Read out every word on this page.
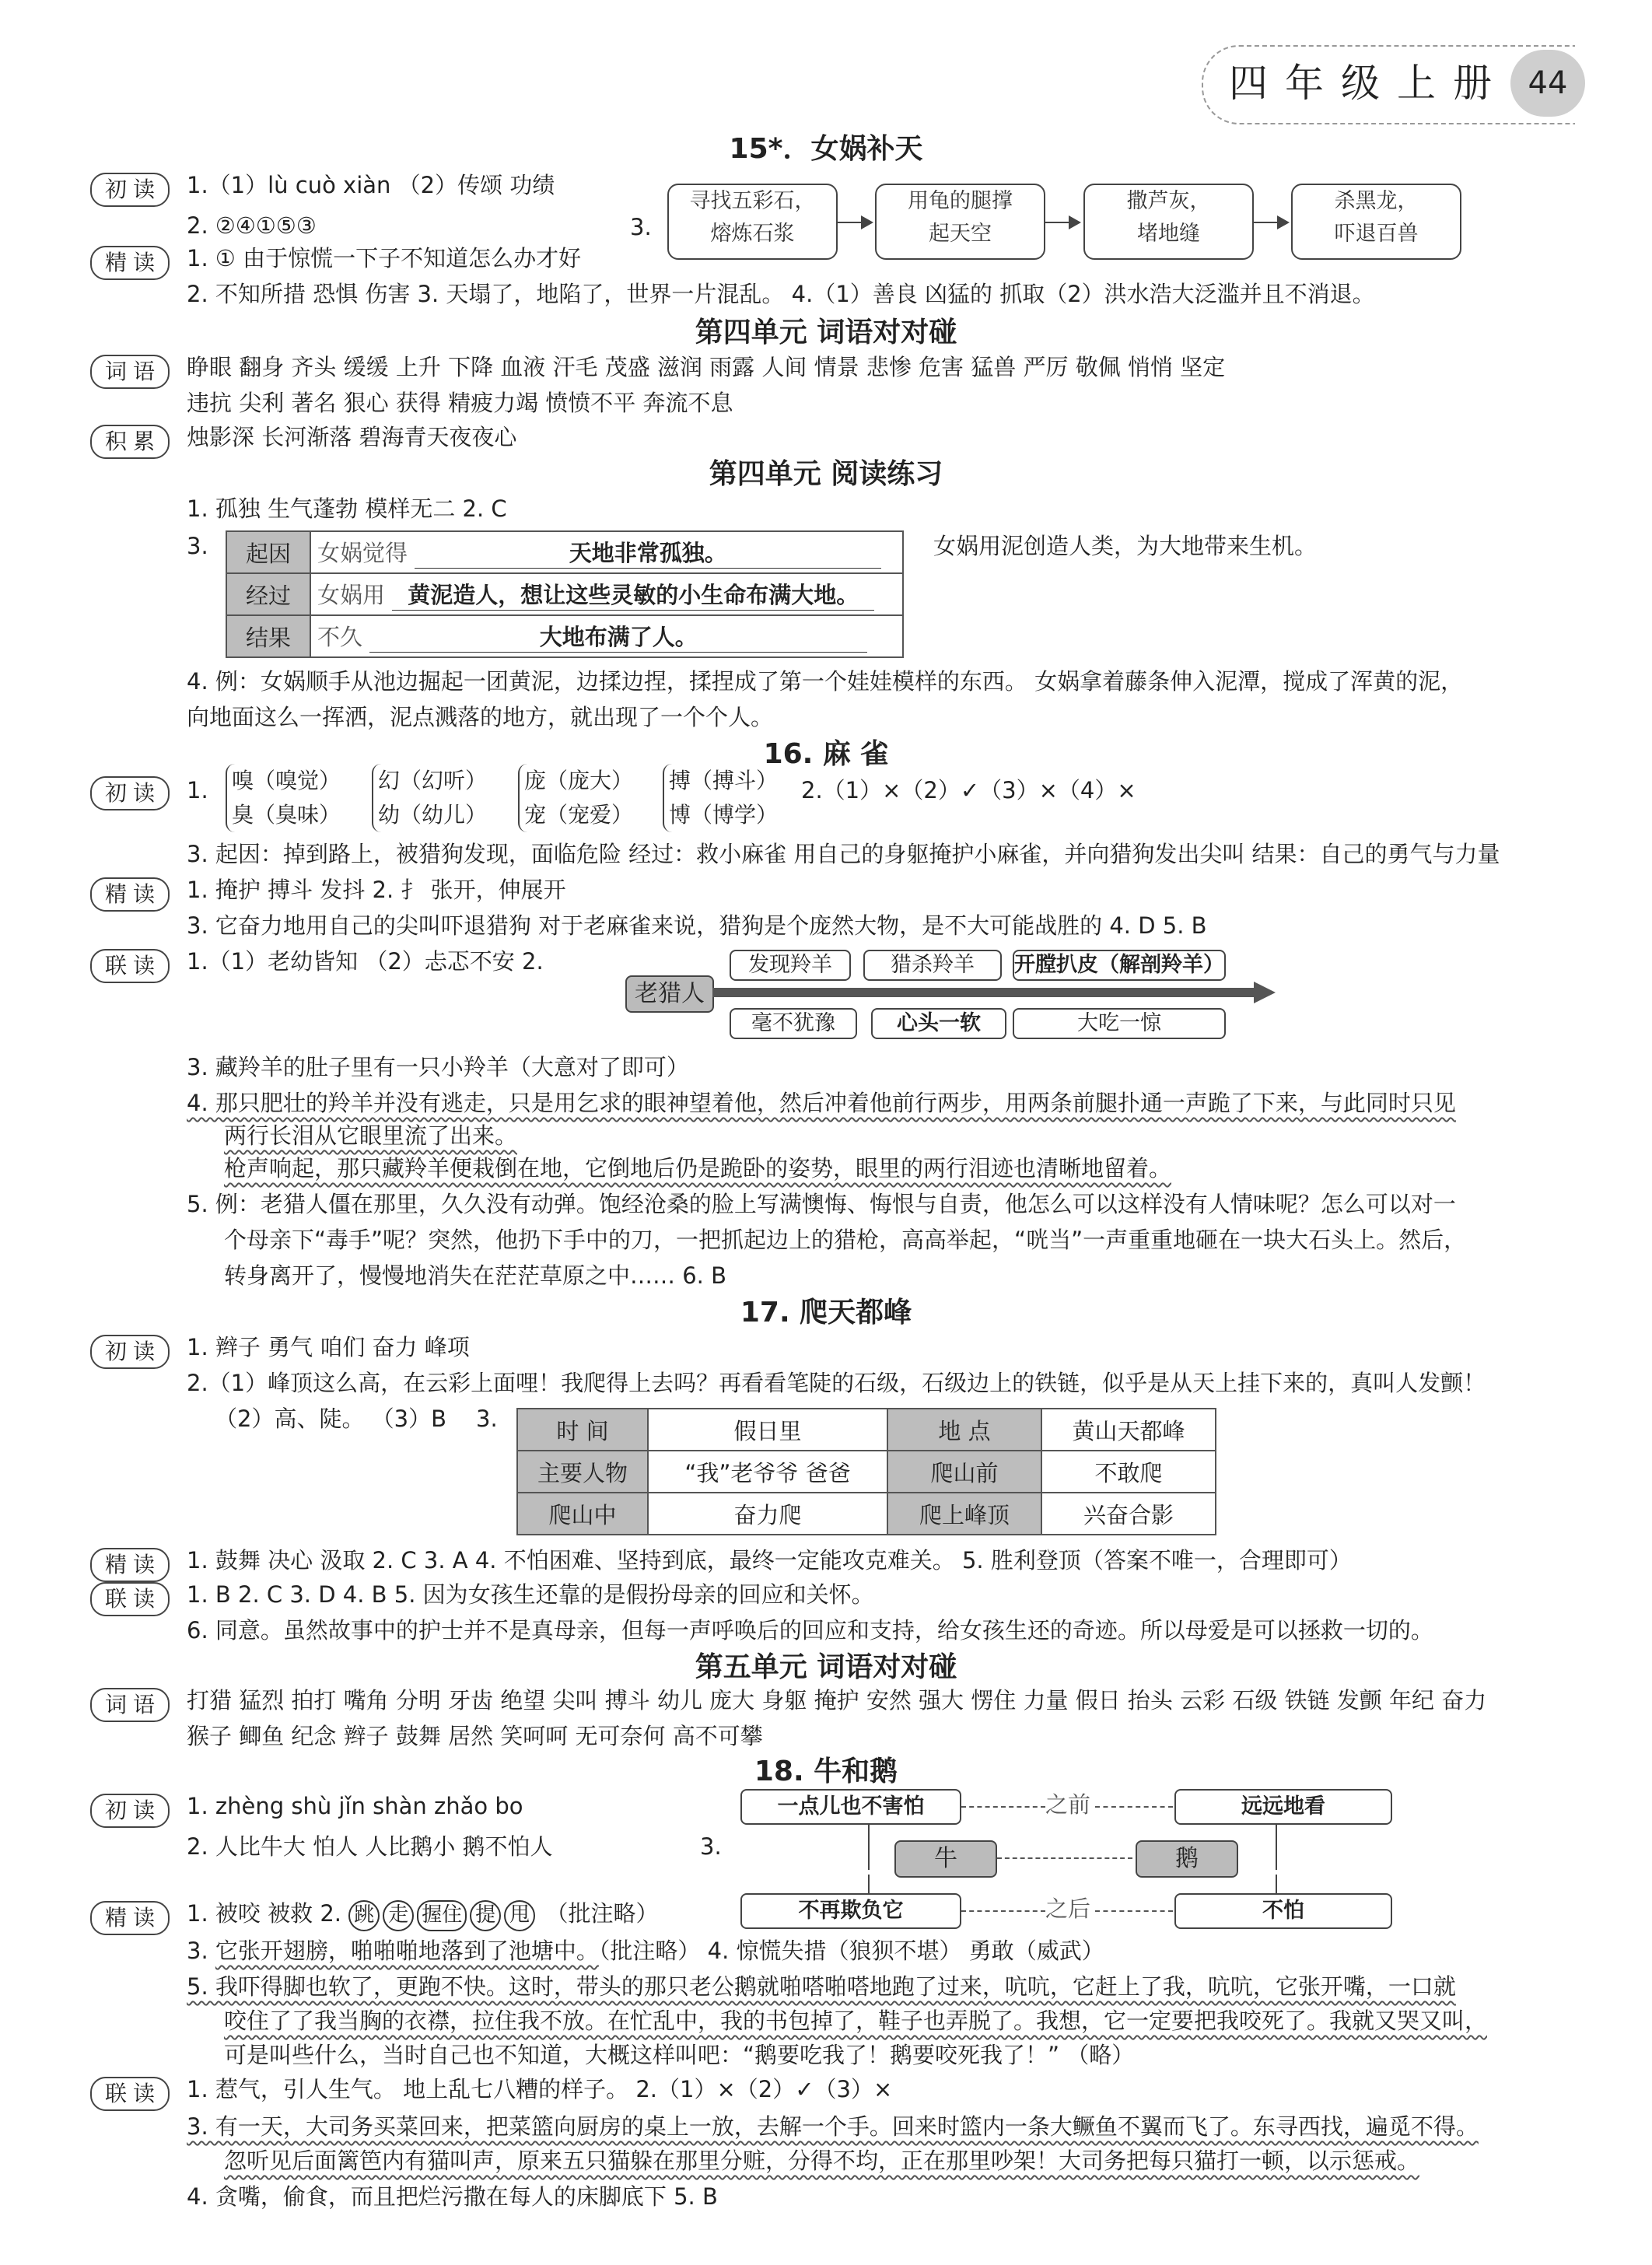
四年级上册 44
15*．女娲补天
初读	1.（1）lù cuò xiàn （2）传颂 功绩
2. ②④①⑤③	3.
寻找五彩石，
熔炼石浆
用龟的腿撑
起天空
撒芦灰，
堵地缝
杀黑龙，
吓退百兽
精读	1. ① 由于惊慌一下子不知道怎么办才好
2. 不知所措 恐惧 伤害 3. 天塌了，地陷了，世界一片混乱。 4.（1）善良 凶猛的 抓取（2）洪水浩大泛滥并且不消退。
第四单元 词语对对碰
词语	睁眼 翻身 齐头 缓缓 上升 下降 血液 汗毛 茂盛 滋润 雨露 人间 情景 悲惨 危害 猛兽 严厉 敬佩 悄悄 坚定
违抗 尖利 著名 狠心 获得 精疲力竭 愤愤不平 奔流不息
积累	烛影深 长河渐落 碧海青天夜夜心
第四单元 阅读练习
1. 孤独 生气蓬勃 模样无二 2. C
3. 起因	女娲觉得 天地非常孤独。
经过	女娲用 黄泥造人，想让这些灵敏的小生命布满大地。
结果	不久 大地布满了人。
女娲用泥创造人类，为大地带来生机。
4. 例：女娲顺手从池边掘起一团黄泥，边揉边捏，揉捏成了第一个娃娃模样的东西。 女娲拿着藤条伸入泥潭，搅成了浑黄的泥，
向地面这么一挥洒，泥点溅落的地方，就出现了一个个人。
16. 麻 雀
初读	1. 嗅（嗅觉）
臭（臭味）
幻（幻听）
幼（幼儿）
庞（庞大）
宠（宠爱）
搏（搏斗）
博（博学）
2.（1）×（2）✓（3）×（4）×
3. 起因：掉到路上，被猎狗发现，面临危险 经过：救小麻雀 用自己的身躯掩护小麻雀，并向猎狗发出尖叫 结果：自己的勇气与力量
精读	1. 掩护 搏斗 发抖 2. 扌 张开，伸展开
3. 它奋力地用自己的尖叫吓退猎狗 对于老麻雀来说，猎狗是个庞然大物，是不大可能战胜的 4. D 5. B
联读	1.（1）老幼皆知 （2）忐忑不安 2.	发现羚羊	猎杀羚羊	开膛扒皮（解剖羚羊）
老猎人
毫不犹豫	心头一软	大吃一惊
3. 藏羚羊的肚子里有一只小羚羊（大意对了即可）
4. 那只肥壮的羚羊并没有逃走，只是用乞求的眼神望着他，然后冲着他前行两步，用两条前腿扑通一声跪了下来，与此同时只见
两行长泪从它眼里流了出来。
枪声响起，那只藏羚羊便栽倒在地，它倒地后仍是跪卧的姿势，眼里的两行泪迹也清晰地留着。
5. 例：老猎人僵在那里，久久没有动弹。饱经沧桑的脸上写满懊悔、悔恨与自责，他怎么可以这样没有人情味呢？怎么可以对一
个母亲下“毒手”呢？突然，他扔下手中的刀，一把抓起边上的猎枪，高高举起，“咣当”一声重重地砸在一块大石头上。然后，
转身离开了，慢慢地消失在茫茫草原之中…… 6. B
17. 爬天都峰
初读	1. 辫子 勇气 咱们 奋力 峰项
2.（1）峰顶这么高，在云彩上面哩！我爬得上去吗？再看看笔陡的石级，石级边上的铁链，似乎是从天上挂下来的，真叫人发颤！
（2）高、陡。 （3）B 3.	时 间	假日里	地 点	黄山天都峰
主要人物	“我”老爷爷 爸爸	爬山前	不敢爬
爬山中	奋力爬	爬上峰顶	兴奋合影
精读	1. 鼓舞 决心 汲取 2. C 3. A 4. 不怕困难、坚持到底，最终一定能攻克难关。 5. 胜利登顶（答案不唯一，合理即可）
联读	1. B 2. C 3. D 4. B 5. 因为女孩生还靠的是假扮母亲的回应和关怀。
6. 同意。虽然故事中的护士并不是真母亲，但每一声呼唤后的回应和支持，给女孩生还的奇迹。所以母爱是可以拯救一切的。
第五单元 词语对对碰
词语	打猎 猛烈 拍打 嘴角 分明 牙齿 绝望 尖叫 搏斗 幼儿 庞大 身躯 掩护 安然 强大 愣住 力量 假日 抬头 云彩 石级 铁链 发颤 年纪 奋力
猴子 鲫鱼 纪念 辫子 鼓舞 居然 笑呵呵 无可奈何 高不可攀
18. 牛和鹅
初读	1. zhèng shù jǐn shàn zhǎo bo
2. 人比牛大 怕人 人比鹅小 鹅不怕人	3.
一点儿也不害怕	之前	远远地看
牛	鹅
不再欺负它	之后	不怕
精读	1. 被咬 被救 2. 跳 走 握住 提 甩 （批注略）
3. 它张开翅膀，啪啪啪地落到了池塘中。（批注略） 4. 惊慌失措（狼狈不堪） 勇敢（威武）
5. 我吓得脚也软了，更跑不快。这时，带头的那只老公鹅就啪嗒啪嗒地跑了过来，吭吭，它赶上了我，吭吭，它张开嘴，一口就
咬住了了我当胸的衣襟，拉住我不放。在忙乱中，我的书包掉了，鞋子也弄脱了。我想，它一定要把我咬死了。我就又哭又叫，
可是叫些什么，当时自己也不知道，大概这样叫吧：“鹅要吃我了！鹅要咬死我了！” （略）
联读	1. 惹气，引人生气。 地上乱七八糟的样子。 2.（1）×（2）✓（3）×
3. 有一天，大司务买菜回来，把菜篮向厨房的桌上一放，去解一个手。回来时篮内一条大鳜鱼不翼而飞了。东寻西找，遍觅不得。
忽听见后面篱笆内有猫叫声，原来五只猫躲在那里分赃，分得不均，正在那里吵架！大司务把每只猫打一顿，以示惩戒。
4. 贪嘴，偷食，而且把烂污撒在每人的床脚底下 5. B
